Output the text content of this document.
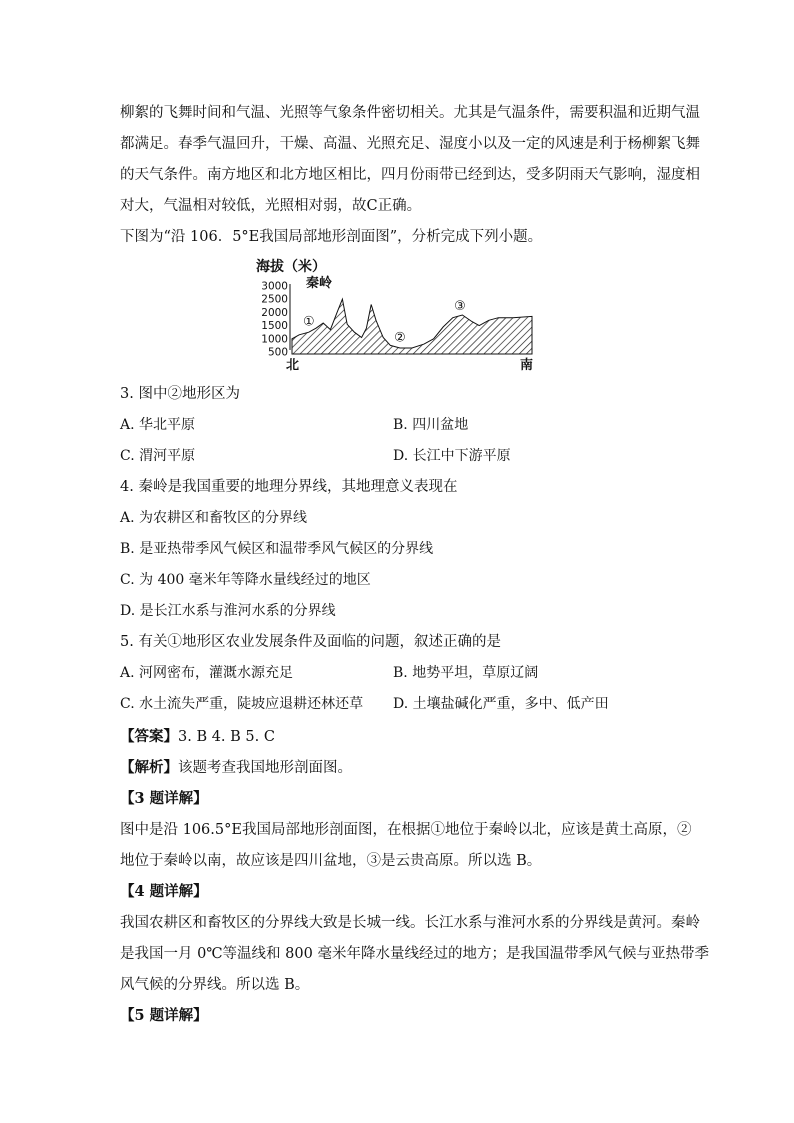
柳絮的飞舞时间和气温、光照等气象条件密切相关。尤其是气温条件，需要积温和近期气温
都满足。春季气温回升，干燥、高温、光照充足、湿度小以及一定的风速是利于杨柳絮飞舞
的天气条件。南方地区和北方地区相比，四月份雨带已经到达，受多阴雨天气影响，湿度相
对大，气温相对较低，光照相对弱，故C正确。
下图为“沿 106．5°E我国局部地形剖面图”，分析完成下列小题。
海拔（米）
秦岭
3000
2500
2000
1500
1000
500
①
②
③
北	南
3. 图中②地形区为
A. 华北平原	B. 四川盆地
C. 渭河平原	D. 长江中下游平原
4. 秦岭是我国重要的地理分界线，其地理意义表现在
A. 为农耕区和畜牧区的分界线
B. 是亚热带季风气候区和温带季风气候区的分界线
C. 为 400 毫米年等降水量线经过的地区
D. 是长江水系与淮河水系的分界线
5. 有关①地形区农业发展条件及面临的问题，叙述正确的是
A. 河网密布，灌溉水源充足	B. 地势平坦，草原辽阔
C. 水土流失严重，陡坡应退耕还林还草 D. 土壤盐碱化严重，多中、低产田
【答案】3. B 4. B 5. C
【解析】该题考查我国地形剖面图。
【3 题详解】
图中是沿 106.5°E我国局部地形剖面图，在根据①地位于秦岭以北，应该是黄土高原，②
地位于秦岭以南，故应该是四川盆地，③是云贵高原。所以选 B。
【4 题详解】
我国农耕区和畜牧区的分界线大致是长城一线。长江水系与淮河水系的分界线是黄河。秦岭
是我国一月 0℃等温线和 800 毫米年降水量线经过的地方；是我国温带季风气候与亚热带季
风气候的分界线。所以选 B。
【5 题详解】
